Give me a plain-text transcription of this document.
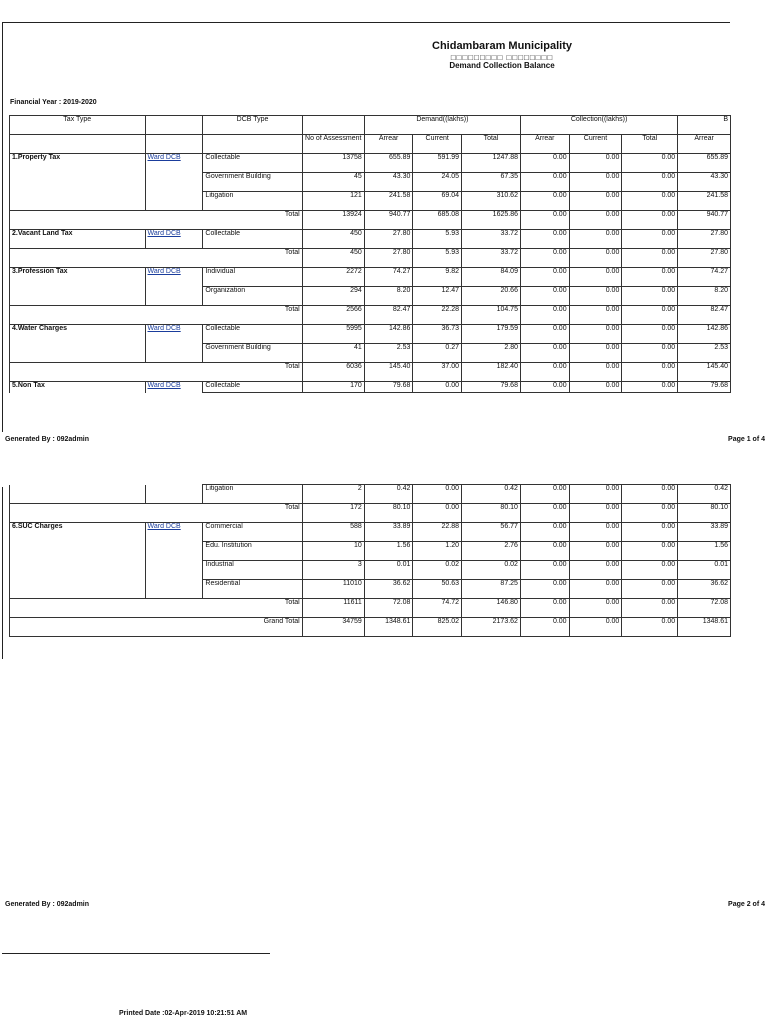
Chidambaram Municipality
□□□□□□□□□ □□□□□□□□
Demand Collection Balance
Financial Year : 2019-2020
Tax Type		DCB Type		Demand((lakhs))			Collection((lakhs))			B
			No of Assessment	Arrear	Current	Total	Arrear	Current	Total	Arrear
1.Property Tax	Ward DCB	Collectable	13758	655.89	591.99	1247.88	0.00	0.00	0.00	655.89
		Government Building	45	43.30	24.05	67.35	0.00	0.00	0.00	43.30
		Litigation	121	241.58	69.04	310.62	0.00	0.00	0.00	241.58
Total			13924	940.77	685.08	1625.86	0.00	0.00	0.00	940.77
2.Vacant Land Tax	Ward DCB	Collectable	450	27.80	5.93	33.72	0.00	0.00	0.00	27.80
Total			450	27.80	5.93	33.72	0.00	0.00	0.00	27.80
3.Profession Tax	Ward DCB	Individual	2272	74.27	9.82	84.09	0.00	0.00	0.00	74.27
		Organization	294	8.20	12.47	20.66	0.00	0.00	0.00	8.20
Total			2566	82.47	22.28	104.75	0.00	0.00	0.00	82.47
4.Water Charges	Ward DCB	Collectable	5995	142.86	36.73	179.59	0.00	0.00	0.00	142.86
		Government Building	41	2.53	0.27	2.80	0.00	0.00	0.00	2.53
Total			6036	145.40	37.00	182.40	0.00	0.00	0.00	145.40
5.Non Tax	Ward DCB	Collectable	170	79.68	0.00	79.68	0.00	0.00	0.00	79.68
Generated By : 092admin	Page 1 of 4
		Litigation	2	0.42	0.00	0.42	0.00	0.00	0.00	0.42
Total			172	80.10	0.00	80.10	0.00	0.00	0.00	80.10
6.SUC Charges	Ward DCB	Commercial	588	33.89	22.88	56.77	0.00	0.00	0.00	33.89
		Edu. Institution	10	1.56	1.20	2.76	0.00	0.00	0.00	1.56
		Industrial	3	0.01	0.02	0.02	0.00	0.00	0.00	0.01
		Residential	11010	36.62	50.63	87.25	0.00	0.00	0.00	36.62
Total			11611	72.08	74.72	146.80	0.00	0.00	0.00	72.08
Grand Total			34759	1348.61	825.02	2173.62	0.00	0.00	0.00	1348.61
Generated By : 092admin	Page 2 of 4
Printed Date :02-Apr-2019 10:21:51 AM
